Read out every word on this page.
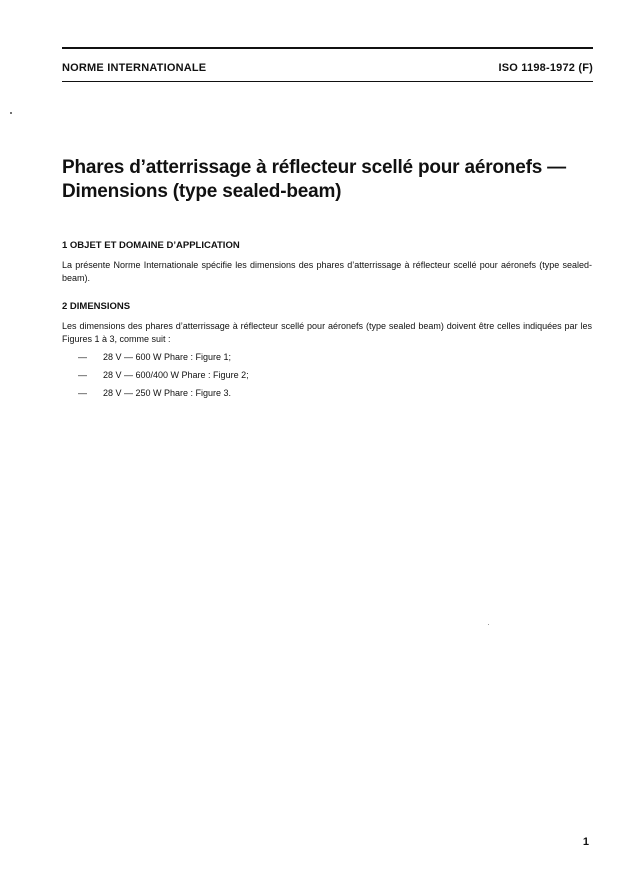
NORME INTERNATIONALE	ISO 1198-1972 (F)
Phares d’atterrissage à réflecteur scellé pour aéronefs —
Dimensions (type sealed-beam)
1 OBJET ET DOMAINE D’APPLICATION

La présente Norme Internationale spécifie les dimensions des phares d’atterrissage à réflecteur scellé pour aéronefs (type sealed-beam).

2 DIMENSIONS

Les dimensions des phares d’atterrissage à réflecteur scellé pour aéronefs (type sealed beam) doivent être celles indiquées par les Figures 1 à 3, comme suit :

— 28 V — 600 W Phare : Figure 1;
— 28 V — 600/400 W Phare : Figure 2;
— 28 V — 250 W Phare : Figure 3.
1
